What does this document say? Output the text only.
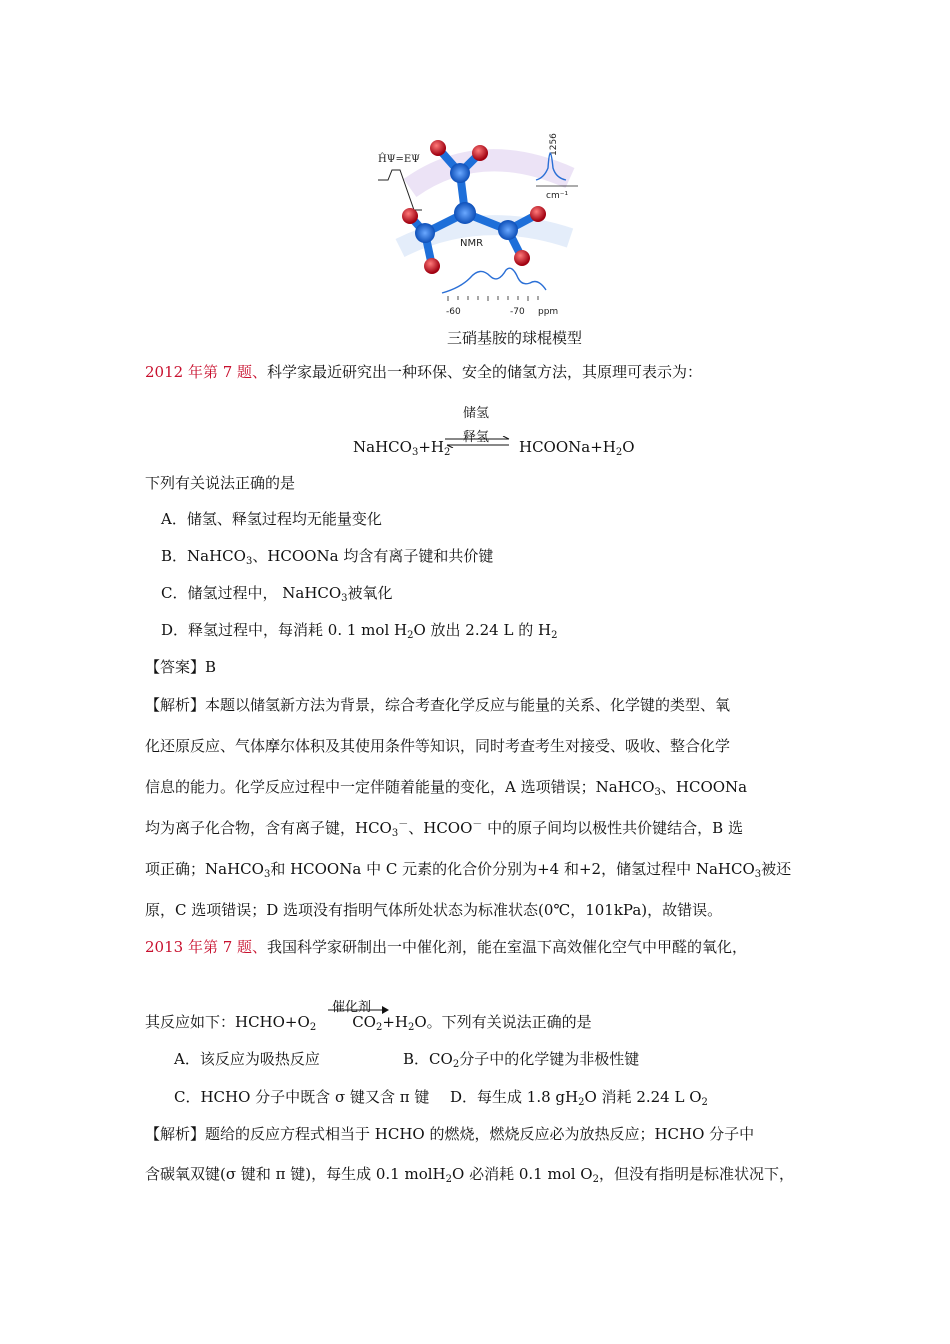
ĤΨ=EΨ
NMR
1256
cm⁻¹
-60	-70 ppm
三硝基胺的球棍模型
2012 年第 7 题、科学家最近研究出一种环保、安全的储氢方法，其原理可表示为：
储氢
释氢
$NaHCO_3+H_2$	$HCOONa+H_2O$
下列有关说法正确的是
A．储氢、释氢过程均无能量变化
B．NaHCO$_3$、HCOONa 均含有离子键和共价键
C．储氢过程中， NaHCO$_3$被氧化
D．释氢过程中，每消耗 0. 1 mol $H_2O$ 放出 2.24 L 的 $H_2$
【答案】B
【解析】本题以储氢新方法为背景，综合考查化学反应与能量的关系、化学键的类型、氧
化还原反应、气体摩尔体积及其使用条件等知识，同时考查考生对接受、吸收、整合化学
信息的能力。化学反应过程中一定伴随着能量的变化，A 选项错误；NaHCO$_3$、HCOONa
均为离子化合物，含有离子键，$HCO_3^-$、HCOO－ 中的原子间均以极性共价键结合，B 选
项正确；NaHCO$_3$和 HCOONa 中 C 元素的化合价分别为+4 和+2，储氢过程中 NaHCO$_3$被还
原，C 选项错误；D 选项没有指明气体所处状态为标准状态(0℃，101kPa)，故错误。
2013 年第 7 题、我国科学家研制出一中催化剂，能在室温下高效催化空气中甲醛的氧化，
催化剂
其反应如下：$HCHO+O_2$ $CO_2+H_2O$。下列有关说法正确的是
A．该反应为吸热反应	B．$CO_2$分子中的化学键为非极性键
C．HCHO 分子中既含 σ 键又含 π 键 D．每生成 1.8 $gH_2O$ 消耗 2.24 L $O_2$
【解析】题给的反应方程式相当于 HCHO 的燃烧，燃烧反应必为放热反应；HCHO 分子中
含碳氧双键(σ 键和 π 键)，每生成 0.1 molH$_2$O 必消耗 0.1 mol $O_2$，但没有指明是标准状况下，
